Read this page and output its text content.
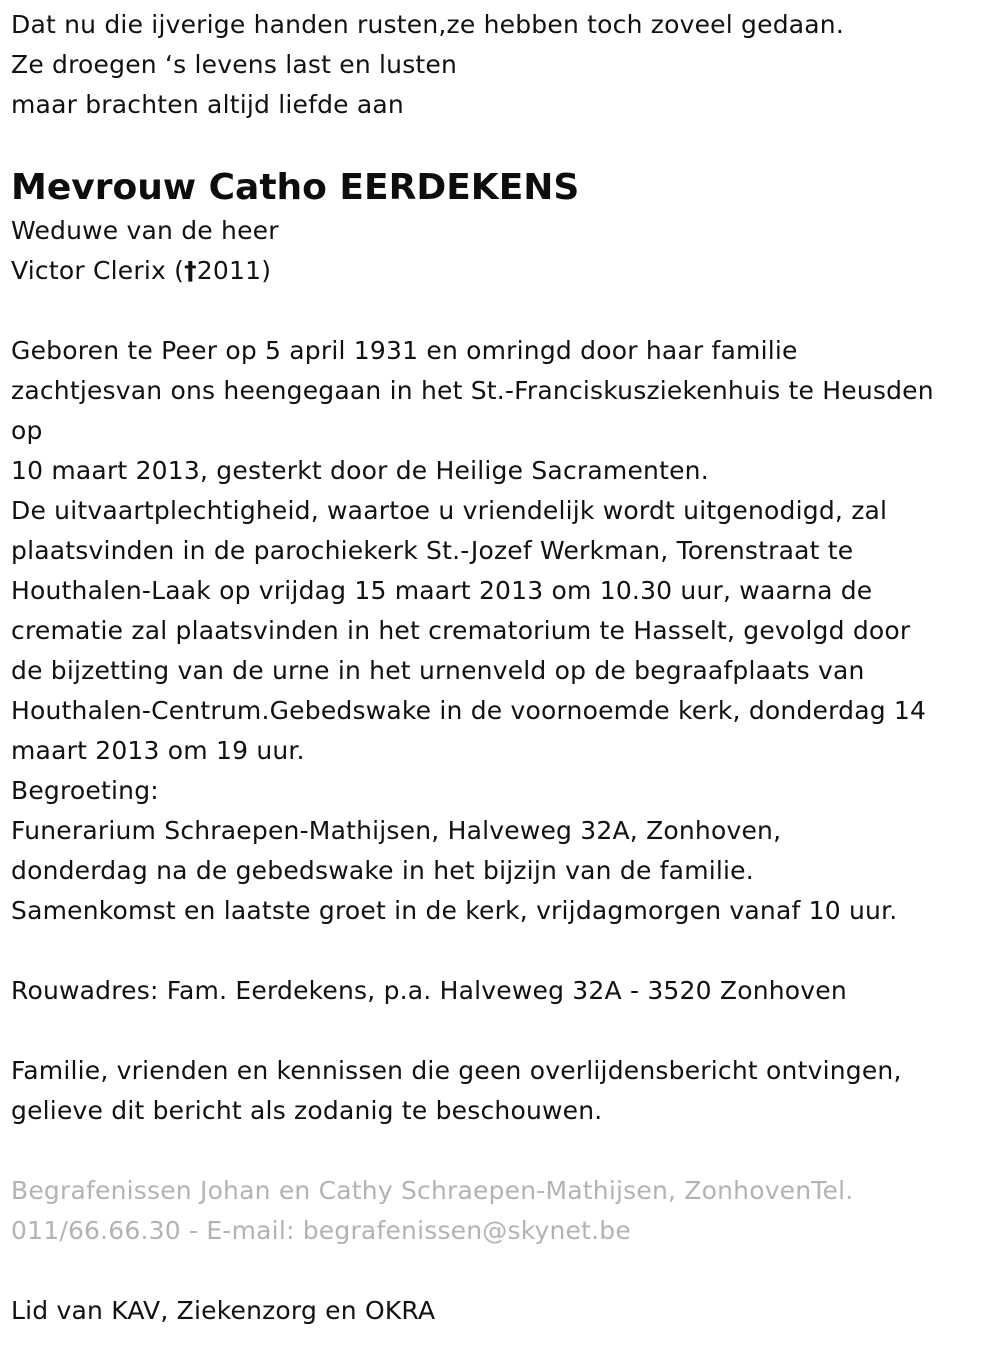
Dat nu die ijverige handen rusten,ze hebben toch zoveel gedaan.
Ze droegen ‘s levens last en lusten
maar brachten altijd liefde aan
Mevrouw Catho EERDEKENS
Weduwe van de heer
Victor Clerix (†2011)
Geboren te Peer op 5 april 1931 en omringd door haar familie
zachtjesvan ons heengegaan in het St.-Franciskusziekenhuis te Heusden
op
10 maart 2013, gesterkt door de Heilige Sacramenten.
De uitvaartplechtigheid, waartoe u vriendelijk wordt uitgenodigd, zal
plaatsvinden in de parochiekerk St.-Jozef Werkman, Torenstraat te
Houthalen-Laak op vrijdag 15 maart 2013 om 10.30 uur, waarna de
crematie zal plaatsvinden in het crematorium te Hasselt, gevolgd door
de bijzetting van de urne in het urnenveld op de begraafplaats van
Houthalen-Centrum.Gebedswake in de voornoemde kerk, donderdag 14
maart 2013 om 19 uur.
Begroeting:
Funerarium Schraepen-Mathijsen, Halveweg 32A, Zonhoven,
donderdag na de gebedswake in het bijzijn van de familie.
Samenkomst en laatste groet in de kerk, vrijdagmorgen vanaf 10 uur.
Rouwadres: Fam. Eerdekens, p.a. Halveweg 32A - 3520 Zonhoven
Familie, vrienden en kennissen die geen overlijdensbericht ontvingen,
gelieve dit bericht als zodanig te beschouwen.
Begrafenissen Johan en Cathy Schraepen-Mathijsen, ZonhovenTel.
011/66.66.30 - E-mail: begrafenissen@skynet.be
Lid van KAV, Ziekenzorg en OKRA
